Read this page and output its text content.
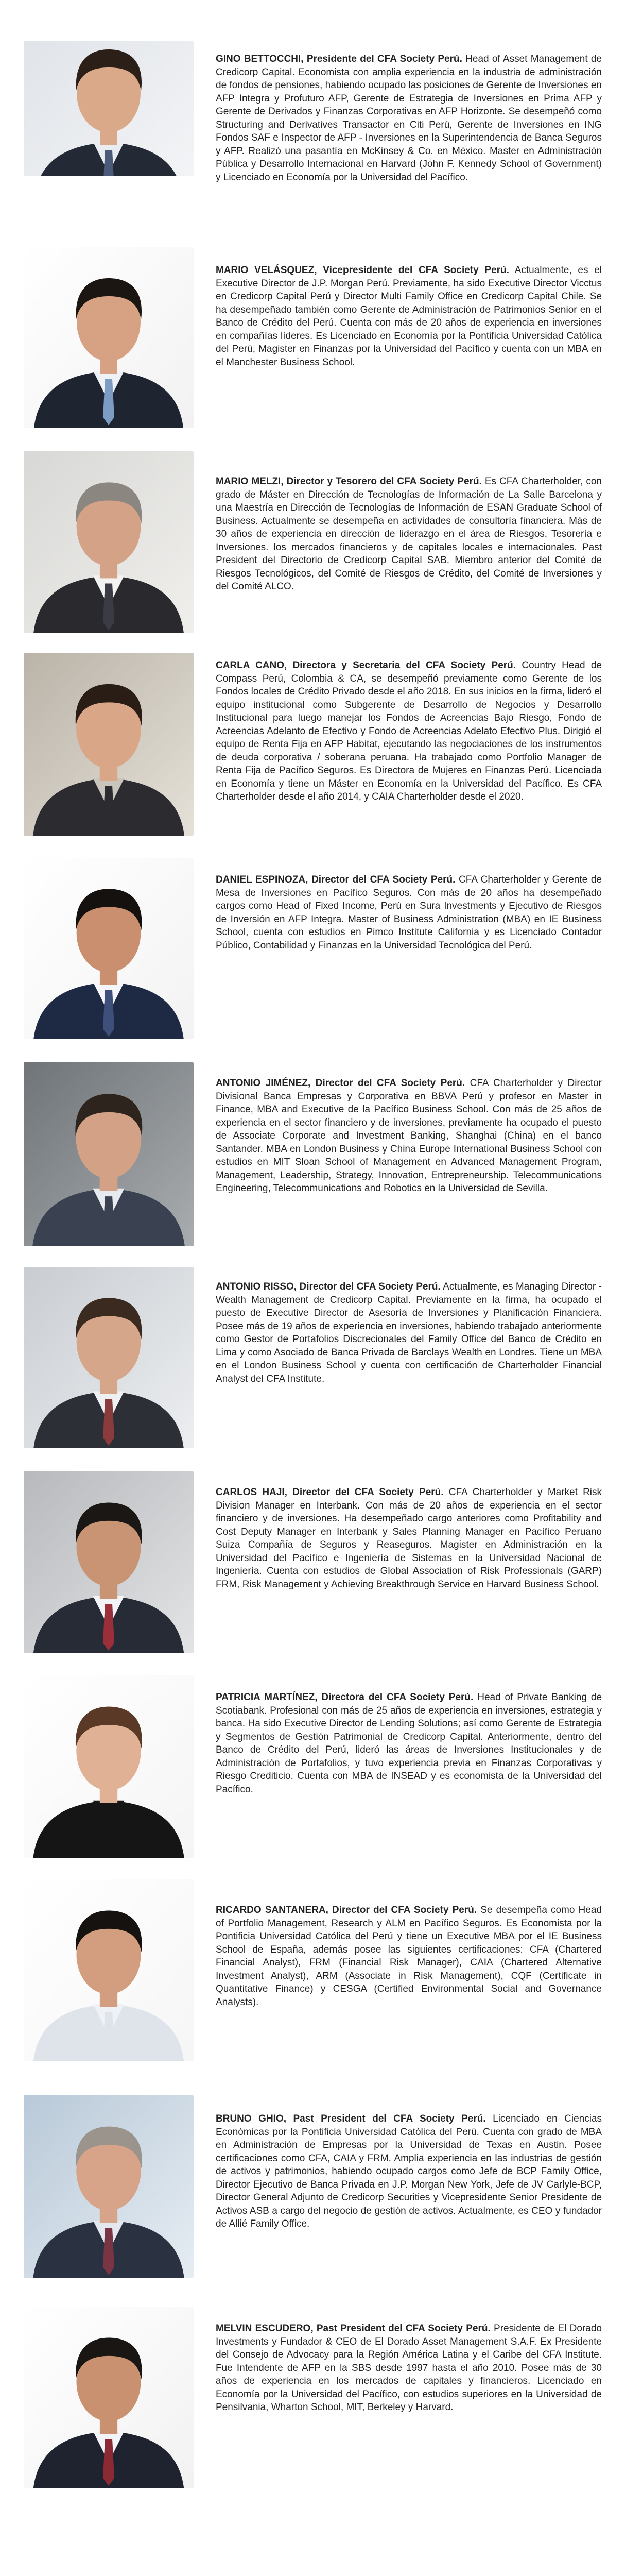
GINO BETTOCCHI, Presidente del CFA Society Perú. Head of Asset Management de Credicorp Capital. Economista con amplia experiencia en la industria de administración de fondos de pensiones, habiendo ocupado las posiciones de Gerente de Inversiones en AFP Integra y Profuturo AFP, Gerente de Estrategia de Inversiones en Prima AFP y Gerente de Derivados y Finanzas Corporativas en AFP Horizonte. Se desempeñó como Structuring and Derivatives Transactor en Citi Perú, Gerente de Inversiones en ING Fondos SAF e Inspector de AFP - Inversiones en la Superintendencia de Banca Seguros y AFP. Realizó una pasantía en McKinsey & Co. en México. Master en Administración Pública y Desarrollo Internacional en Harvard (John F. Kennedy School of Government) y Licenciado en Economía por la Universidad del Pacífico.

MARIO VELÁSQUEZ, Vicepresidente del CFA Society Perú. Actualmente, es el Executive Director de J.P. Morgan Perú. Previamente, ha sido Executive Director Vicctus en Credicorp Capital Perú y Director Multi Family Office en Credicorp Capital Chile. Se ha desempeñado también como Gerente de Administración de Patrimonios Senior en el Banco de Crédito del Perú. Cuenta con más de 20 años de experiencia en inversiones en compañías líderes. Es Licenciado en Economía por la Pontificia Universidad Católica del Perú, Magister en Finanzas por la Universidad del Pacífico y cuenta con un MBA en el Manchester Business School.

MARIO MELZI, Director y Tesorero del CFA Society Perú. Es CFA Charterholder, con grado de Máster en Dirección de Tecnologías de Información de La Salle Barcelona y una Maestría en Dirección de Tecnologías de Información de ESAN Graduate School of Business. Actualmente se desempeña en actividades de consultoría financiera. Más de 30 años de experiencia en dirección de liderazgo en el área de Riesgos, Tesorería e Inversiones. los mercados financieros y de capitales locales e internacionales. Past President del Directorio de Credicorp Capital SAB. Miembro anterior del Comité de Riesgos Tecnológicos, del Comité de Riesgos de Crédito, del Comité de Inversiones y del Comité ALCO.

CARLA CANO, Directora y Secretaria del CFA Society Perú. Country Head de Compass Perú, Colombia & CA, se desempeñó previamente como Gerente de los Fondos locales de Crédito Privado desde el año 2018. En sus inicios en la firma, lideró el equipo institucional como Subgerente de Desarrollo de Negocios y Desarrollo Institucional para luego manejar los Fondos de Acreencias Bajo Riesgo, Fondo de Acreencias Adelanto de Efectivo y Fondo de Acreencias Adelato Efectivo Plus. Dirigió el equipo de Renta Fija en AFP Habitat, ejecutando las negociaciones de los instrumentos de deuda corporativa / soberana peruana. Ha trabajado como Portfolio Manager de Renta Fija de Pacífico Seguros. Es Directora de Mujeres en Finanzas Perú. Licenciada en Economía y tiene un Máster en Economía en la Universidad del Pacífico. Es CFA Charterholder desde el año 2014, y CAIA Charterholder desde el 2020.

DANIEL ESPINOZA, Director del CFA Society Perú. CFA Charterholder y Gerente de Mesa de Inversiones en Pacífico Seguros. Con más de 20 años ha desempeñado cargos como Head of Fixed Income, Perú en Sura Investments y Ejecutivo de Riesgos de Inversión en AFP Integra. Master of Business Administration (MBA) en IE Business School, cuenta con estudios en Pimco Institute California y es Licenciado Contador Público, Contabilidad y Finanzas en la Universidad Tecnológica del Perú.

ANTONIO JIMÉNEZ, Director del CFA Society Perú. CFA Charterholder y Director Divisional Banca Empresas y Corporativa en BBVA Perú y profesor en Master in Finance, MBA and Executive de la Pacífico Business School. Con más de 25 años de experiencia en el sector financiero y de inversiones, previamente ha ocupado el puesto de Associate Corporate and Investment Banking, Shanghai (China) en el banco Santander. MBA en London Business y China Europe International Business School con estudios en MIT Sloan School of Management en Advanced Management Program, Management, Leadership, Strategy, Innovation, Entrepreneurship. Telecommunications Engineering, Telecommunications and Robotics en la Universidad de Sevilla.

ANTONIO RISSO, Director del CFA Society Perú. Actualmente, es Managing Director - Wealth Management de Credicorp Capital. Previamente en la firma, ha ocupado el puesto de Executive Director de Asesoría de Inversiones y Planificación Financiera. Posee más de 19 años de experiencia en inversiones, habiendo trabajado anteriormente como Gestor de Portafolios Discrecionales del Family Office del Banco de Crédito en Lima y como Asociado de Banca Privada de Barclays Wealth en Londres. Tiene un MBA en el London Business School y cuenta con certificación de Charterholder Financial Analyst del CFA Institute.

CARLOS HAJI, Director del CFA Society Perú. CFA Charterholder y Market Risk Division Manager en Interbank. Con más de 20 años de experiencia en el sector financiero y de inversiones. Ha desempeñado cargo anteriores como Profitability and Cost Deputy Manager en Interbank y Sales Planning Manager en Pacífico Peruano Suiza Compañía de Seguros y Reaseguros. Magister en Administración en la Universidad del Pacífico e Ingeniería de Sistemas en la Universidad Nacional de Ingeniería. Cuenta con estudios de Global Association of Risk Professionals (GARP) FRM, Risk Management y Achieving Breakthrough Service en Harvard Business School.

PATRICIA MARTÍNEZ, Directora del CFA Society Perú. Head of Private Banking de Scotiabank. Profesional con más de 25 años de experiencia en inversiones, estrategia y banca. Ha sido Executive Director de Lending Solutions; así como Gerente de Estrategia y Segmentos de Gestión Patrimonial de Credicorp Capital. Anteriormente, dentro del Banco de Crédito del Perú, lideró las áreas de Inversiones Institucionales y de Administración de Portafolios, y tuvo experiencia previa en Finanzas Corporativas y Riesgo Crediticio. Cuenta con MBA de INSEAD y es economista de la Universidad del Pacífico.

RICARDO SANTANERA, Director del CFA Society Perú. Se desempeña como Head of Portfolio Management, Research y ALM en Pacífico Seguros. Es Economista por la Pontificia Universidad Católica del Perú y tiene un Executive MBA por el IE Business School de España, además posee las siguientes certificaciones: CFA (Chartered Financial Analyst), FRM (Financial Risk Manager), CAIA (Chartered Alternative Investment Analyst), ARM (Associate in Risk Management), CQF (Certificate in Quantitative Finance) y CESGA (Certified Environmental Social and Governance Analysts).

BRUNO GHIO, Past President del CFA Society Perú. Licenciado en Ciencias Económicas por la Pontificia Universidad Católica del Perú. Cuenta con grado de MBA en Administración de Empresas por la Universidad de Texas en Austin. Posee certificaciones como CFA, CAIA y FRM. Amplia experiencia en las industrias de gestión de activos y patrimonios, habiendo ocupado cargos como Jefe de BCP Family Office, Director Ejecutivo de Banca Privada en J.P. Morgan New York, Jefe de JV Carlyle-BCP, Director General Adjunto de Credicorp Securities y Vicepresidente Senior Presidente de Activos ASB a cargo del negocio de gestión de activos. Actualmente, es CEO y fundador de Allié Family Office.

MELVIN ESCUDERO, Past President del CFA Society Perú. Presidente de El Dorado Investments y Fundador & CEO de El Dorado Asset Management S.A.F. Ex Presidente del Consejo de Advocacy para la Región América Latina y el Caribe del CFA Institute. Fue Intendente de AFP en la SBS desde 1997 hasta el año 2010. Posee más de 30 años de experiencia en los mercados de capitales y financieros. Licenciado en Economía por la Universidad del Pacífico, con estudios superiores en la Universidad de Pensilvania, Wharton School, MIT, Berkeley y Harvard.
